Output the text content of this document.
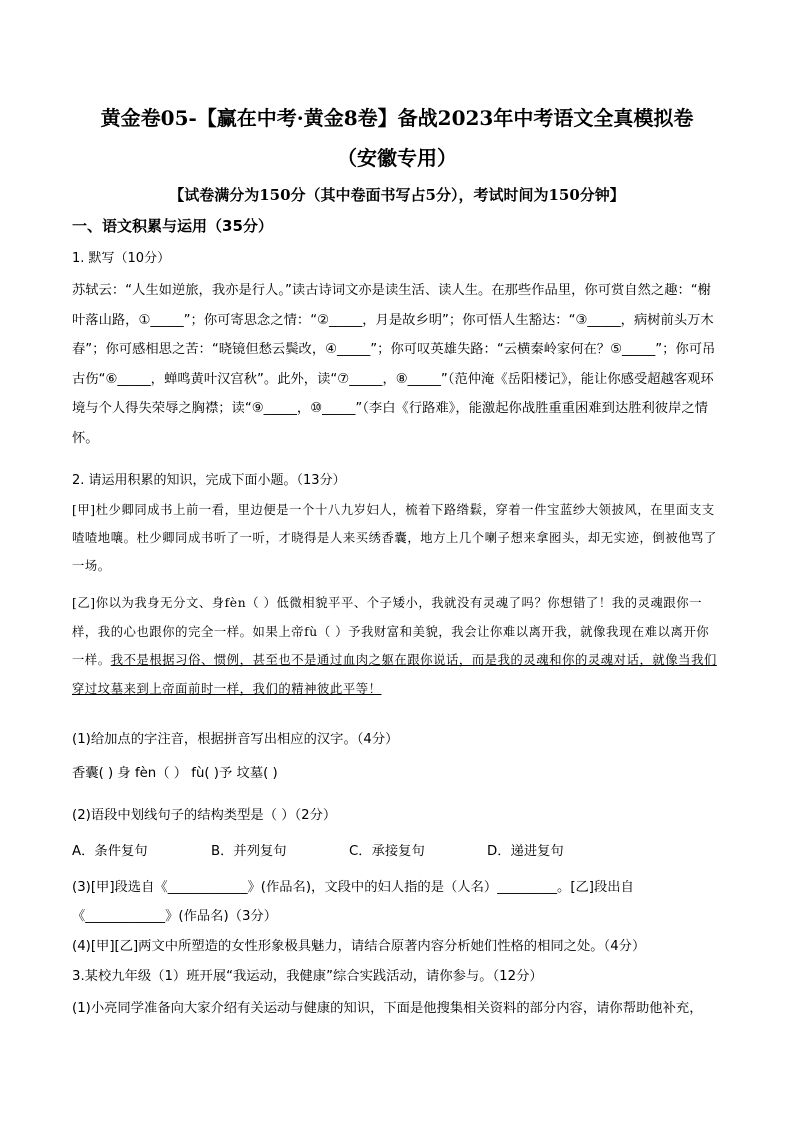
黄金卷05-【赢在中考·黄金8卷】备战2023年中考语文全真模拟卷
（安徽专用）
【试卷满分为150分（其中卷面书写占5分），考试时间为150分钟】
一、语文积累与运用（35分）
1. 默写（10分）
苏轼云：“人生如逆旅，我亦是行人。”读古诗词文亦是读生活、读人生。在那些作品里，你可赏自然之趣：“榭叶落山路，①_____”；你可寄思念之情：“②_____，月是故乡明”；你可悟人生豁达：“③_____，病树前头万木春”；你可感相思之苦：“晓镜但愁云鬓改，④_____”；你可叹英雄失路：“云横秦岭家何在？⑤_____”；你可吊古伤“⑥_____，蝉鸣黄叶汉宫秋”。此外，读“⑦_____，⑧_____”（范仲淹《岳阳楼记》，能让你感受超越客观环境与个人得失荣辱之胸襟；读“⑨_____，⑩_____”（李白《行路难》，能激起你战胜重重困难到达胜利彼岸之情怀。
2. 请运用积累的知识，完成下面小题。（13分）
[甲]杜少卿同成书上前一看，里边便是一个十八九岁妇人，梳着下路绺鬏，穿着一件宝蓝纱大领披风，在里面支支喳喳地嚷。杜少卿同成书听了一听，才晓得是人来买绣香囊，地方上几个喇子想来拿囮头，却无实迹，倒被他骂了一场。
[乙]你以为我身无分文、身fèn（ ）低微相貌平平、个子矮小，我就没有灵魂了吗？你想错了！我的灵魂跟你一样，我的心也跟你的完全一样。如果上帝fù（ ）予我财富和美貌，我会让你难以离开我，就像我现在难以离开你一样。我不是根据习俗、惯例，甚至也不是通过血肉之躯在跟你说话，而是我的灵魂和你的灵魂对话，就像当我们穿过坟墓来到上帝面前时一样，我们的精神彼此平等！
(1)给加点的字注音，根据拼音写出相应的汉字。（4分）
香囊( ) 身 fèn（ ） fù( )予 坟墓( )
(2)语段中划线句子的结构类型是（ ）（2分）
A．条件复句	B．并列复句	C．承接复句	D．递进复句
(3)[甲]段选自《____________》(作品名)，文段中的妇人指的是（人名）_________。[乙]段出自
《____________》(作品名)（3分）
(4)[甲][乙]两文中所塑造的女性形象极具魅力，请结合原著内容分析她们性格的相同之处。（4分）
3.某校九年级（1）班开展“我运动，我健康”综合实践活动，请你参与。（12分）
(1)小亮同学准备向大家介绍有关运动与健康的知识，下面是他搜集相关资料的部分内容，请你帮助他补充，
